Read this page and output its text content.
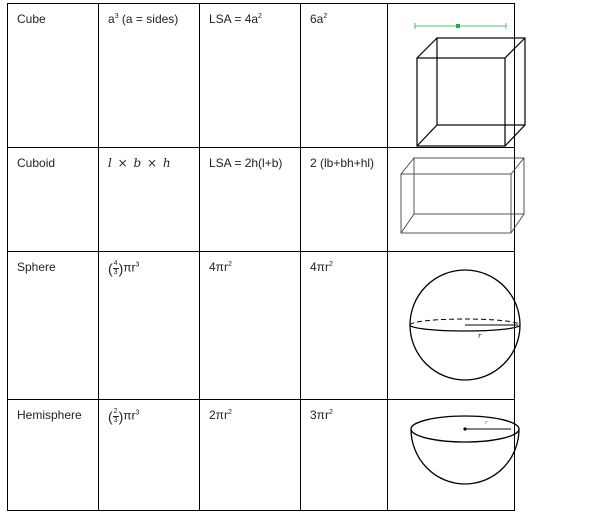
Cube	$a^3$ (a = sides)	LSA = $4a^2$	$6a^2$	

Cuboid	l × b × h	LSA = 2h(l+b)	2 (lb+bh+hl)	

Sphere	( $\frac{4}{3} )\pi r^3$	$4\pi r^2$	$4\pi r^2$	r

Hemisphere	( $\frac{2}{3} )\pi r^3$	$2\pi r^2$	$3\pi r^2$	r
